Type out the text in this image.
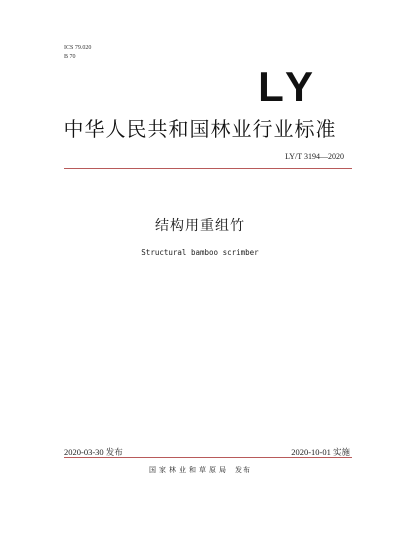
ICS 79.020
B 70
LY
中华人民共和国林业行业标准
LY/T 3194—2020
结构用重组竹
Structural bamboo scrimber
2020-03-30 发布	2020-10-01 实施
国家林业和草原局 发布
